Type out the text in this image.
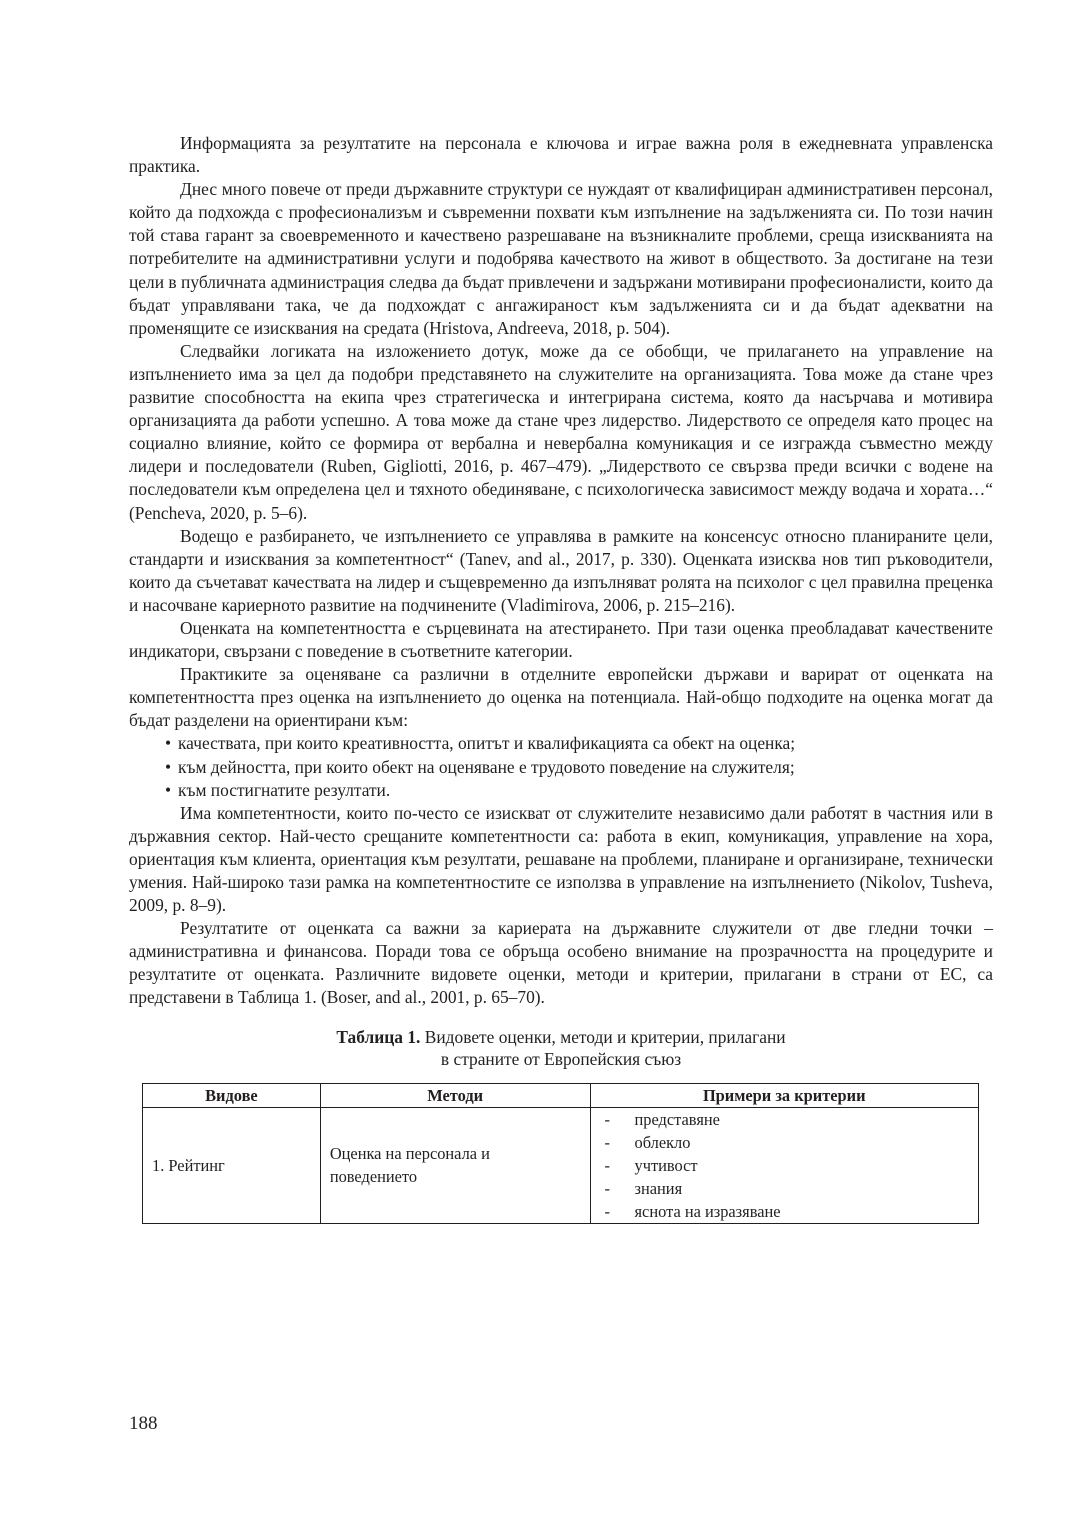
Информацията за резултатите на персонала е ключова и играе важна роля в ежедневната управленска практика.

Днес много повече от преди държавните структури се нуждаят от квалифициран административен персонал, който да подхожда с професионализъм и съвременни похвати към изпълнение на задълженията си. По този начин той става гарант за своевременното и качествено разрешаване на възникналите проблеми, среща изискванията на потребителите на административни услуги и подобрява качеството на живот в обществото. За достигане на тези цели в публичната администрация следва да бъдат привлечени и задържани мотивирани професионалисти, които да бъдат управлявани така, че да подхождат с ангажираност към задълженията си и да бъдат адекватни на променящите се изисквания на средата (Hristova, Andreeva, 2018, p. 504).

Следвайки логиката на изложението дотук, може да се обобщи, че прилагането на управление на изпълнението има за цел да подобри представянето на служителите на организацията. Това може да стане чрез развитие способността на екипа чрез стратегическа и интегрирана система, която да насърчава и мотивира организацията да работи успешно. А това може да стане чрез лидерство. Лидерството се определя като процес на социално влияние, който се формира от вербална и невербална комуникация и се изгражда съвместно между лидери и последователи (Ruben, Gigliotti, 2016, p. 467–479). „Лидерството се свързва преди всички с водене на последователи към определена цел и тяхното обединяване, с психологическа зависимост между водача и хората…“ (Pencheva, 2020, p. 5–6).

Водещо е разбирането, че изпълнението се управлява в рамките на консенсус относно планираните цели, стандарти и изисквания за компетентност“ (Tanev, and al., 2017, p. 330). Оценката изисква нов тип ръководители, които да съчетават качествата на лидер и същевременно да изпълняват ролята на психолог с цел правилна преценка и насочване кариерното развитие на подчинените (Vladimirova, 2006, p. 215–216).

Оценката на компетентността е сърцевината на атестирането. При тази оценка преобладават качествените индикатори, свързани с поведение в съответните категории.

Практиките за оценяване са различни в отделните европейски държави и варират от оценката на компетентността през оценка на изпълнението до оценка на потенциала. Най-общо подходите на оценка могат да бъдат разделени на ориентирани към:

• качествата, при които креативността, опитът и квалификацията са обект на оценка;
• към дейността, при които обект на оценяване е трудовото поведение на служителя;
• към постигнатите резултати.

Има компетентности, които по-често се изискват от служителите независимо дали работят в частния или в държавния сектор. Най-често срещаните компетентности са: работа в екип, комуникация, управление на хора, ориентация към клиента, ориентация към резултати, решаване на проблеми, планиране и организиране, технически умения. Най-широко тази рамка на компетентностите се използва в управление на изпълнението (Nikolov, Tusheva, 2009, p. 8–9).

Резултатите от оценката са важни за кариерата на държавните служители от две гледни точки – административна и финансова. Поради това се обръща особено внимание на прозрачността на процедурите и резултатите от оценката. Различните видовете оценки, методи и критерии, прилагани в страни от ЕС, са представени в Таблица 1. (Boser, and al., 2001, p. 65–70).

Таблица 1. Видовете оценки, методи и критерии, прилагани
в страните от Европейския съюз
Видове	Методи	Примери за критерии
1. Рейтинг	Оценка на персонала и поведението	- представяне
- облекло
- учтивост
- знания
- яснота на изразяване
188
